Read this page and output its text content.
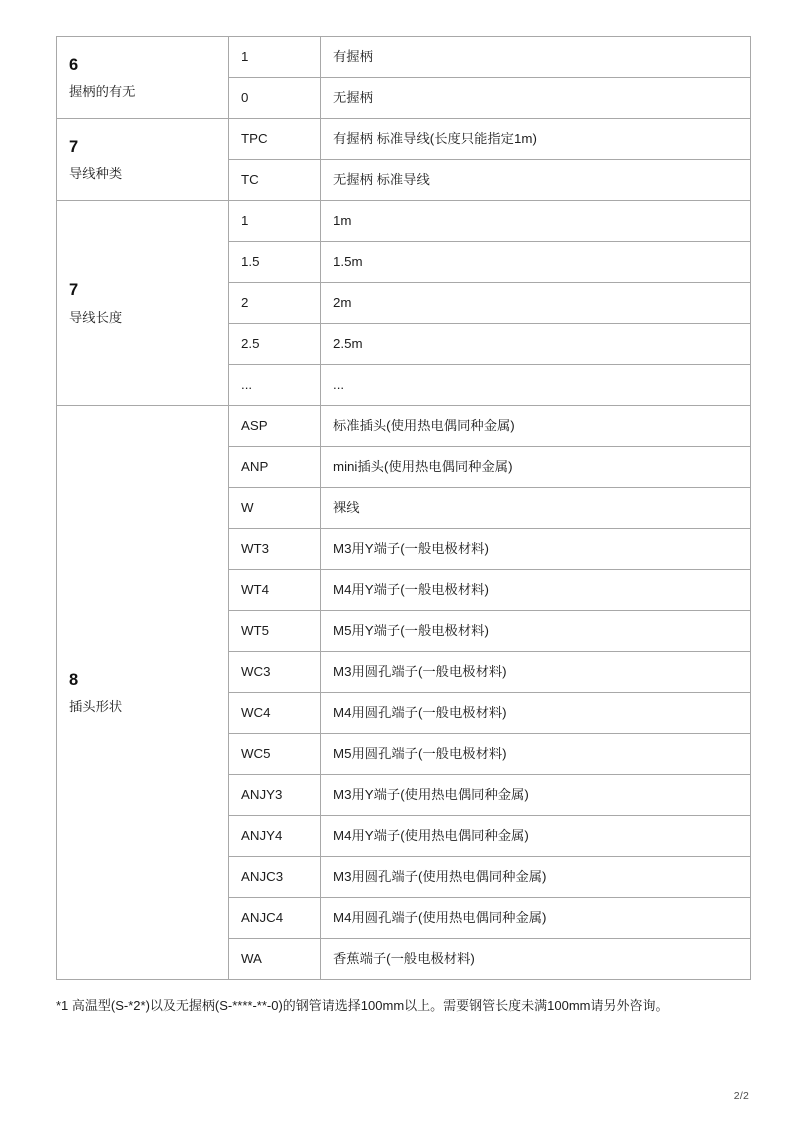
6
握柄的有无	1	有握柄
	0	无握柄

7
导线种类	TPC	有握柄 标准导线(长度只能指定1m)
	TC	无握柄 标准导线

7
导线长度	1	1m
	1.5	1.5m
	2	2m
	2.5	2.5m
	...	...

8
插头形状	ASP	标准插头(使用热电偶同种金属)
	ANP	mini插头(使用热电偶同种金属)
	W	裸线
	WT3	M3用Y端子(一般电极材料)
	WT4	M4用Y端子(一般电极材料)
	WT5	M5用Y端子(一般电极材料)
	WC3	M3用圆孔端子(一般电极材料)
	WC4	M4用圆孔端子(一般电极材料)
	WC5	M5用圆孔端子(一般电极材料)
	ANJY3	M3用Y端子(使用热电偶同种金属)
	ANJY4	M4用Y端子(使用热电偶同种金属)
	ANJC3	M3用圆孔端子(使用热电偶同种金属)
	ANJC4	M4用圆孔端子(使用热电偶同种金属)
	WA	香蕉端子(一般电极材料)
*1 高温型(S-*2*)以及无握柄(S-****-**-0)的钢管请选择100mm以上。需要钢管长度未满100mm请另外咨询。
2/2
